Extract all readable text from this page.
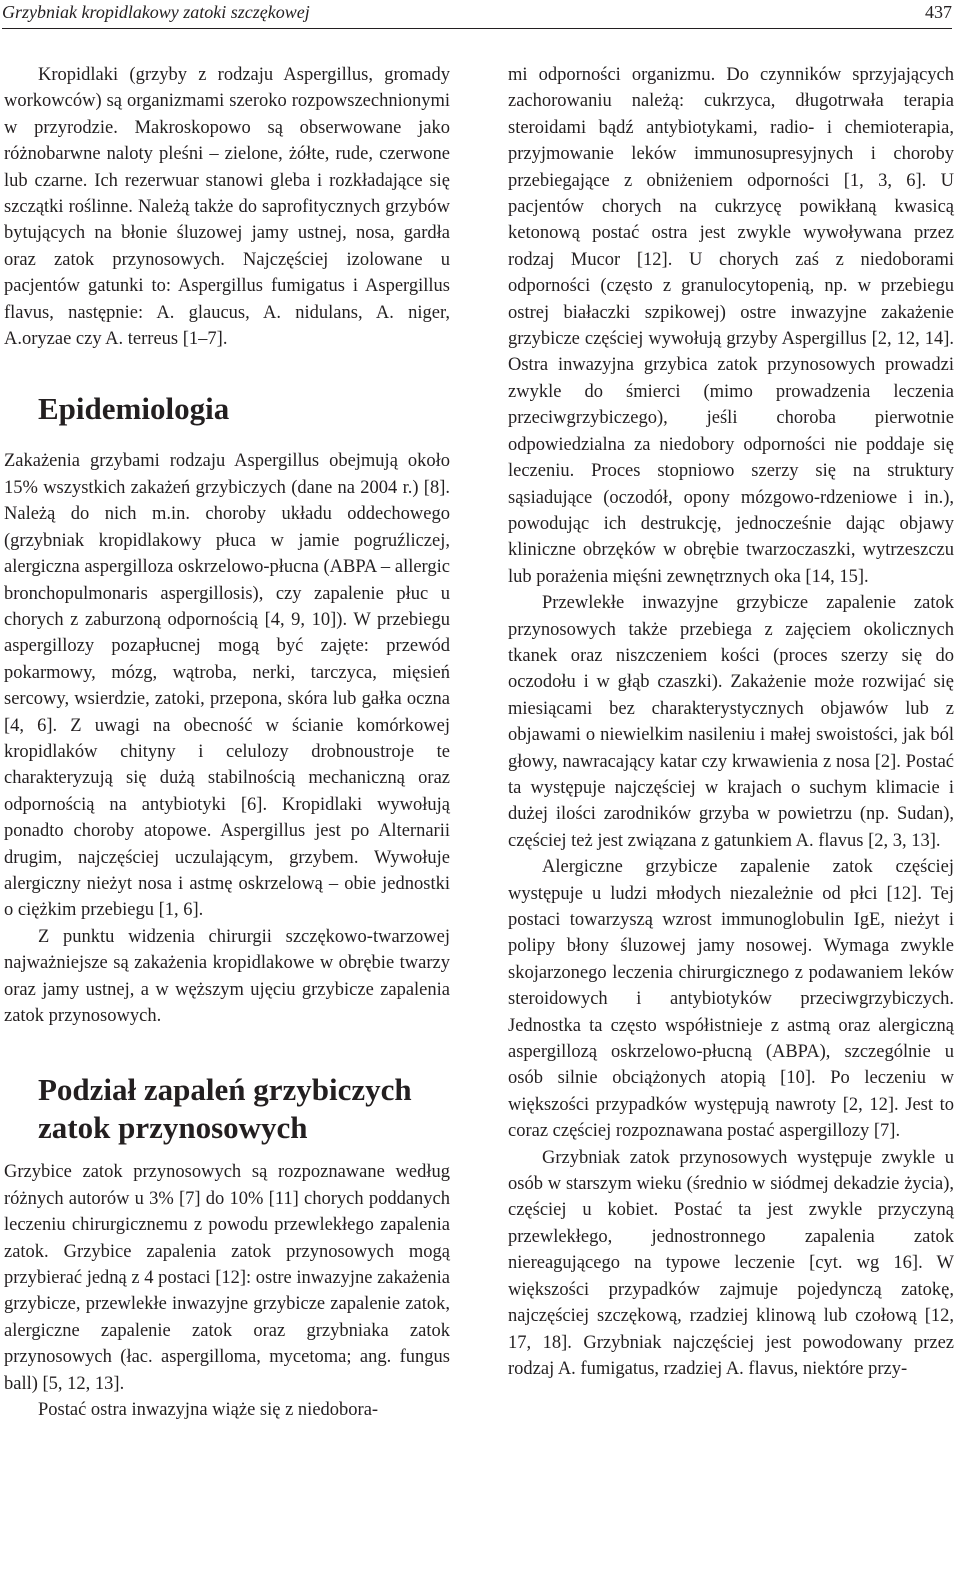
Grzybniak kropidlakowy zatoki szczękowej	437

Kropidlaki (grzyby z rodzaju Aspergillus, gromady workowców) są organizmami szeroko rozpowszechnionymi w przyrodzie. Makroskopowo są obserwowane jako różnobarwne naloty pleśni – zielone, żółte, rude, czerwone lub czarne. Ich rezerwuar stanowi gleba i rozkładające się szczątki roślinne. Należą także do saprofitycznych grzybów bytujących na błonie śluzowej jamy ustnej, nosa, gardła oraz zatok przynosowych. Najczęściej izolowane u pacjentów gatunki to: Aspergillus fumigatus i Aspergillus flavus, następnie: A. glaucus, A. nidulans, A. niger, A.oryzae czy A. terreus [1–7].

Epidemiologia

Zakażenia grzybami rodzaju Aspergillus obejmują około 15% wszystkich zakażeń grzybiczych (dane na 2004 r.) [8]. Należą do nich m.in. choroby układu oddechowego (grzybniak kropidlakowy płuca w jamie pogruźliczej, alergiczna aspergilloza oskrzelowo-płucna (ABPA – allergic bronchopulmonaris aspergillosis), czy zapalenie płuc u chorych z zaburzoną odpornością [4, 9, 10]). W przebiegu aspergillozy pozapłucnej mogą być zajęte: przewód pokarmowy, mózg, wątroba, nerki, tarczyca, mięsień sercowy, wsierdzie, zatoki, przepona, skóra lub gałka oczna [4, 6]. Z uwagi na obecność w ścianie komórkowej kropidlaków chityny i celulozy drobnoustroje te charakteryzują się dużą stabilnością mechaniczną oraz odpornością na antybiotyki [6]. Kropidlaki wywołują ponadto choroby atopowe. Aspergillus jest po Alternarii drugim, najczęściej uczulającym, grzybem. Wywołuje alergiczny nieżyt nosa i astmę oskrzelową – obie jednostki o ciężkim przebiegu [1, 6].

Z punktu widzenia chirurgii szczękowo-twarzowej najważniejsze są zakażenia kropidlakowe w obrębie twarzy oraz jamy ustnej, a w węższym ujęciu grzybicze zapalenia zatok przynosowych.

Podział zapaleń grzybiczych zatok przynosowych

Grzybice zatok przynosowych są rozpoznawane według różnych autorów u 3% [7] do 10% [11] chorych poddanych leczeniu chirurgicznemu z powodu przewlekłego zapalenia zatok. Grzybice zapalenia zatok przynosowych mogą przybierać jedną z 4 postaci [12]: ostre inwazyjne zakażenia grzybicze, przewlekłe inwazyjne grzybicze zapalenie zatok, alergiczne zapalenie zatok oraz grzybniaka zatok przynosowych (łac. aspergilloma, mycetoma; ang. fungus ball) [5, 12, 13].

Postać ostra inwazyjna wiąże się z niedobora-

mi odporności organizmu. Do czynników sprzyjających zachorowaniu należą: cukrzyca, długotrwała terapia steroidami bądź antybiotykami, radio- i chemioterapia, przyjmowanie leków immunosupresyjnych i choroby przebiegające z obniżeniem odporności [1, 3, 6]. U pacjentów chorych na cukrzycę powikłaną kwasicą ketonową postać ostra jest zwykle wywoływana przez rodzaj Mucor [12]. U chorych zaś z niedoborami odporności (często z granulocytopenią, np. w przebiegu ostrej białaczki szpikowej) ostre inwazyjne zakażenie grzybicze częściej wywołują grzyby Aspergillus [2, 12, 14]. Ostra inwazyjna grzybica zatok przynosowych prowadzi zwykle do śmierci (mimo prowadzenia leczenia przeciwgrzybiczego), jeśli choroba pierwotnie odpowiedzialna za niedobory odporności nie poddaje się leczeniu. Proces stopniowo szerzy się na struktury sąsiadujące (oczodół, opony mózgowo-rdzeniowe i in.), powodując ich destrukcję, jednocześnie dając objawy kliniczne obrzęków w obrębie twarzoczaszki, wytrzeszczu lub porażenia mięśni zewnętrznych oka [14, 15].

Przewlekłe inwazyjne grzybicze zapalenie zatok przynosowych także przebiega z zajęciem okolicznych tkanek oraz niszczeniem kości (proces szerzy się do oczodołu i w głąb czaszki). Zakażenie może rozwijać się miesiącami bez charakterystycznych objawów lub z objawami o niewielkim nasileniu i małej swoistości, jak ból głowy, nawracający katar czy krwawienia z nosa [2]. Postać ta występuje najczęściej w krajach o suchym klimacie i dużej ilości zarodników grzyba w powietrzu (np. Sudan), częściej też jest związana z gatunkiem A. flavus [2, 3, 13].

Alergiczne grzybicze zapalenie zatok częściej występuje u ludzi młodych niezależnie od płci [12]. Tej postaci towarzyszą wzrost immunoglobulin IgE, nieżyt i polipy błony śluzowej jamy nosowej. Wymaga zwykle skojarzonego leczenia chirurgicznego z podawaniem leków steroidowych i antybiotyków przeciwgrzybiczych. Jednostka ta często współistnieje z astmą oraz alergiczną aspergillozą oskrzelowo-płucną (ABPA), szczególnie u osób silnie obciążonych atopią [10]. Po leczeniu w większości przypadków występują nawroty [2, 12]. Jest to coraz częściej rozpoznawana postać aspergillozy [7].

Grzybniak zatok przynosowych występuje zwykle u osób w starszym wieku (średnio w siódmej dekadzie życia), częściej u kobiet. Postać ta jest zwykle przyczyną przewlekłego, jednostronnego zapalenia zatok niereagującego na typowe leczenie [cyt. wg 16]. W większości przypadków zajmuje pojedynczą zatokę, najczęściej szczękową, rzadziej klinową lub czołową [12, 17, 18]. Grzybniak najczęściej jest powodowany przez rodzaj A. fumigatus, rzadziej A. flavus, niektóre przy-
